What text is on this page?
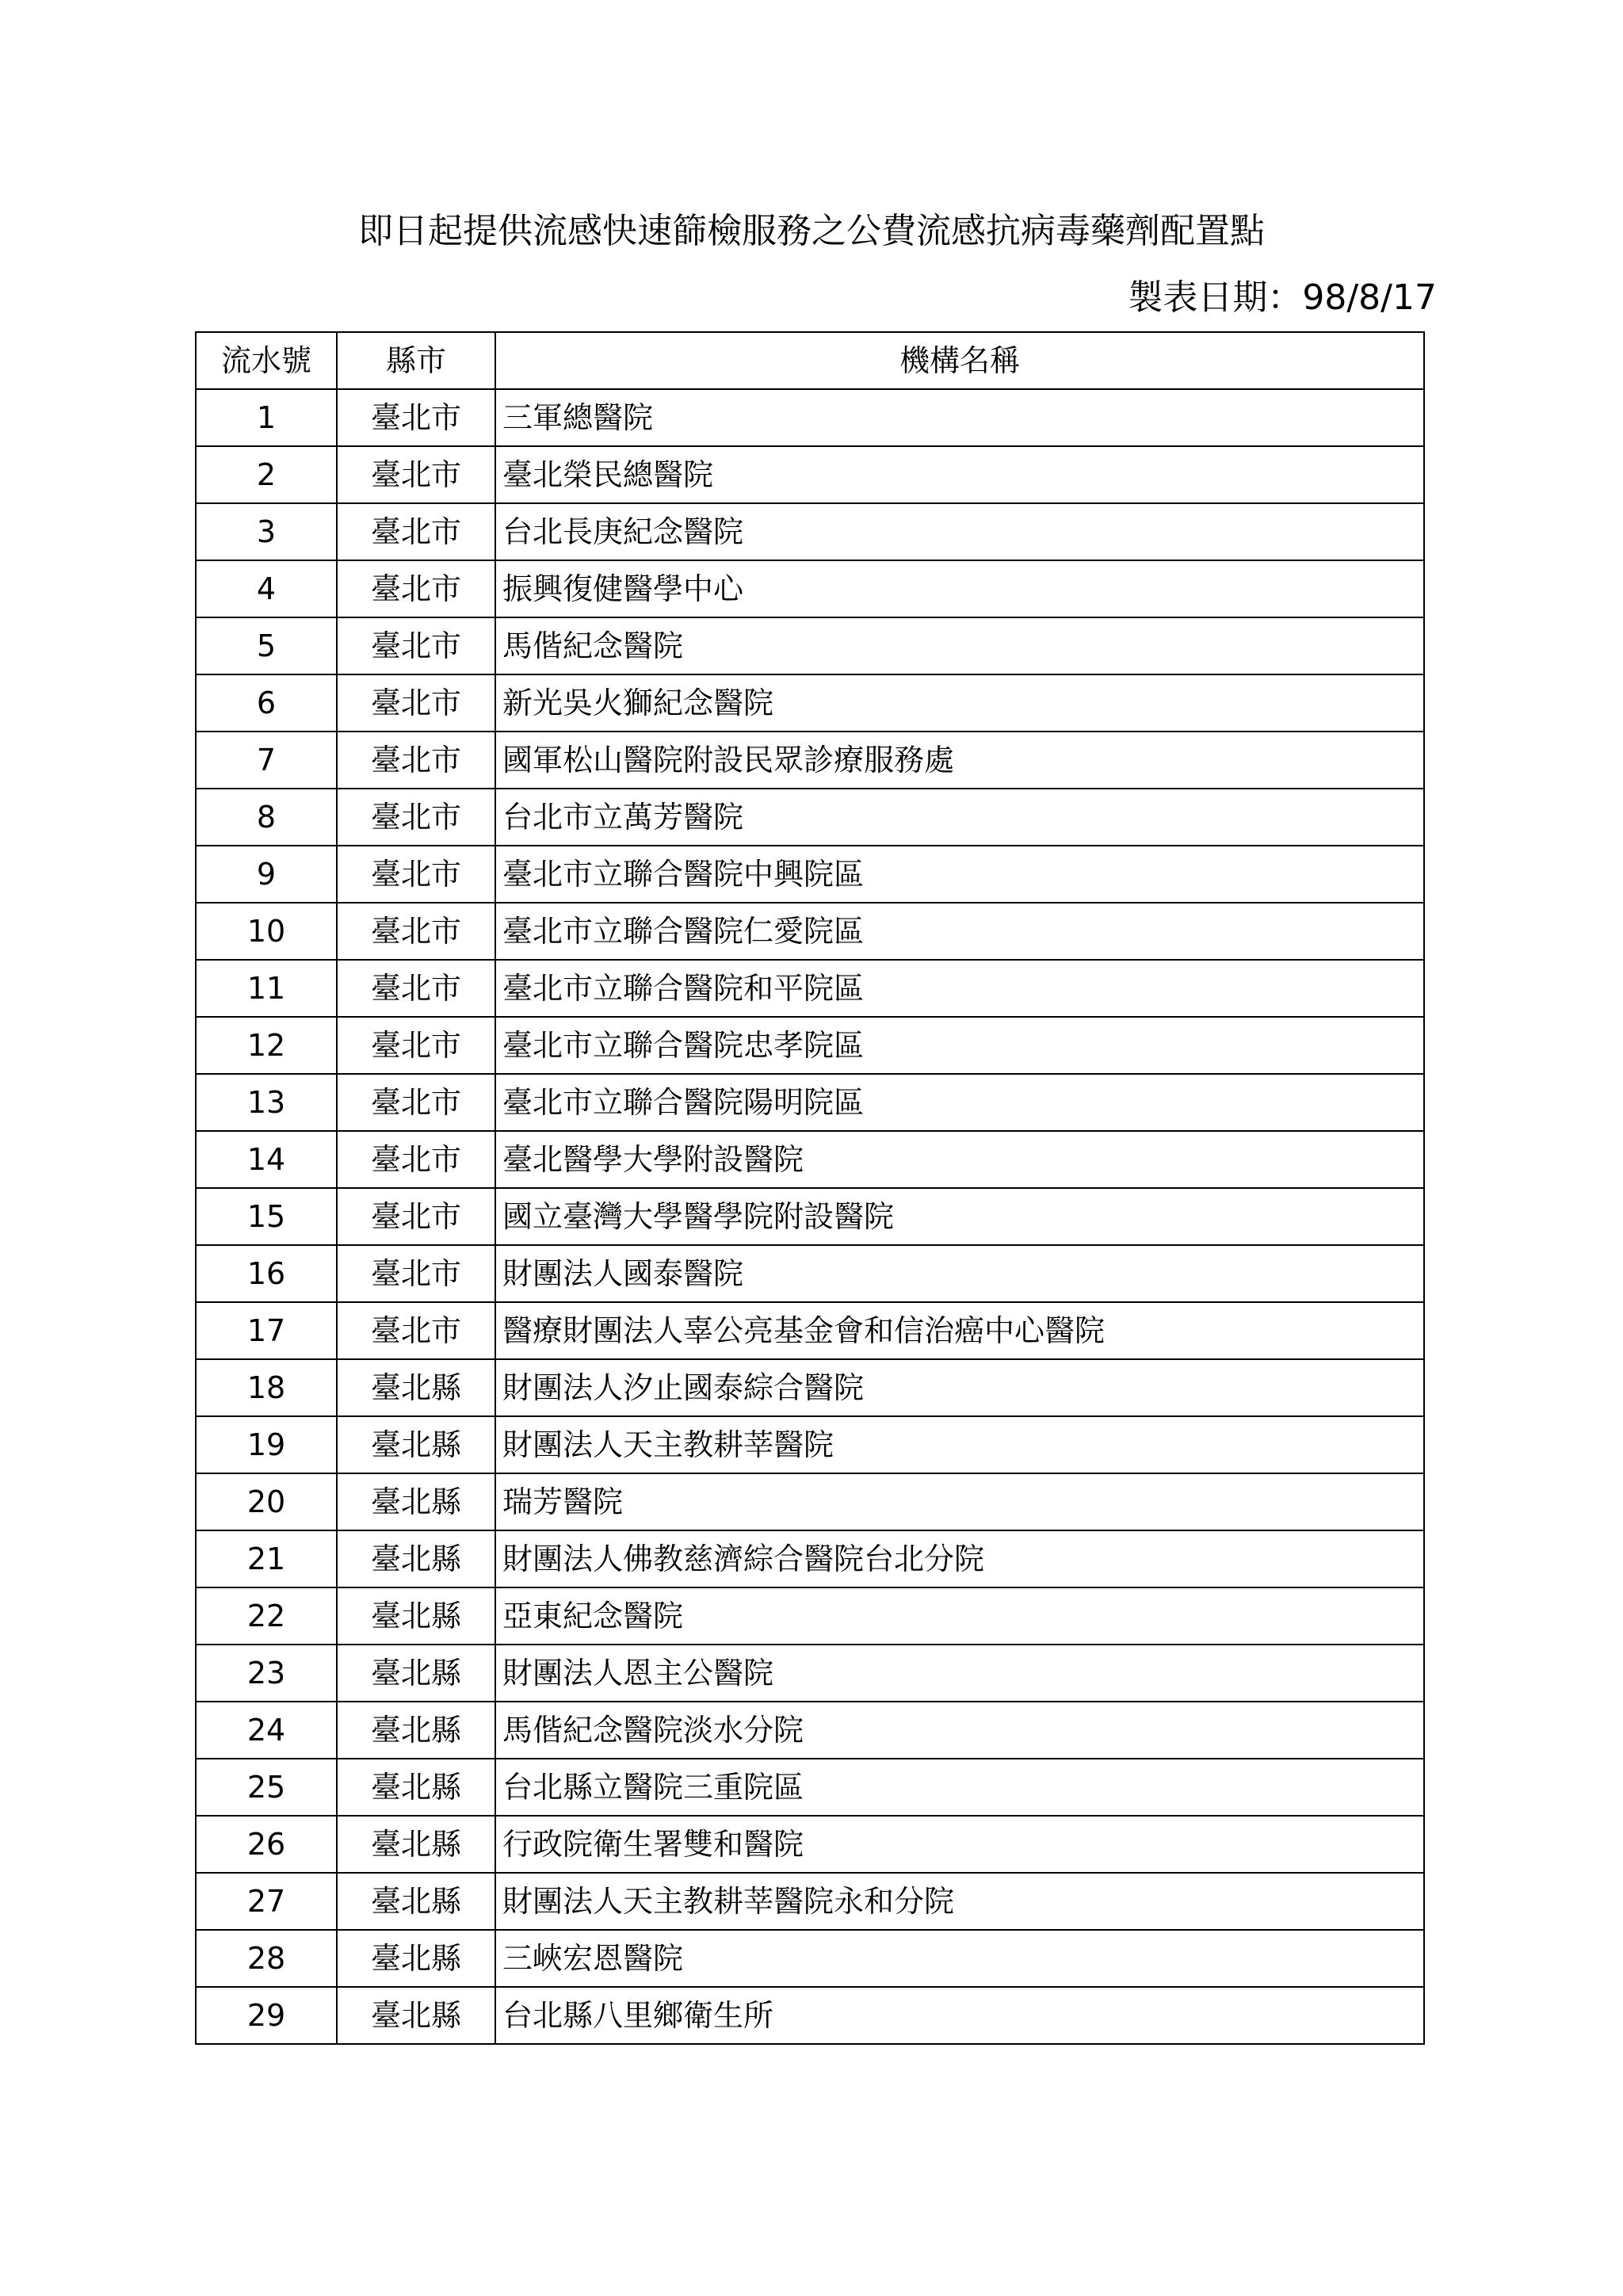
即日起提供流感快速篩檢服務之公費流感抗病毒藥劑配置點
製表日期：98/8/17
流水號	縣市	機構名稱
1	臺北市	三軍總醫院
2	臺北市	臺北榮民總醫院
3	臺北市	台北長庚紀念醫院
4	臺北市	振興復健醫學中心
5	臺北市	馬偕紀念醫院
6	臺北市	新光吳火獅紀念醫院
7	臺北市	國軍松山醫院附設民眾診療服務處
8	臺北市	台北市立萬芳醫院
9	臺北市	臺北市立聯合醫院中興院區
10	臺北市	臺北市立聯合醫院仁愛院區
11	臺北市	臺北市立聯合醫院和平院區
12	臺北市	臺北市立聯合醫院忠孝院區
13	臺北市	臺北市立聯合醫院陽明院區
14	臺北市	臺北醫學大學附設醫院
15	臺北市	國立臺灣大學醫學院附設醫院
16	臺北市	財團法人國泰醫院
17	臺北市	醫療財團法人辜公亮基金會和信治癌中心醫院
18	臺北縣	財團法人汐止國泰綜合醫院
19	臺北縣	財團法人天主教耕莘醫院
20	臺北縣	瑞芳醫院
21	臺北縣	財團法人佛教慈濟綜合醫院台北分院
22	臺北縣	亞東紀念醫院
23	臺北縣	財團法人恩主公醫院
24	臺北縣	馬偕紀念醫院淡水分院
25	臺北縣	台北縣立醫院三重院區
26	臺北縣	行政院衛生署雙和醫院
27	臺北縣	財團法人天主教耕莘醫院永和分院
28	臺北縣	三峽宏恩醫院
29	臺北縣	台北縣八里鄉衛生所
